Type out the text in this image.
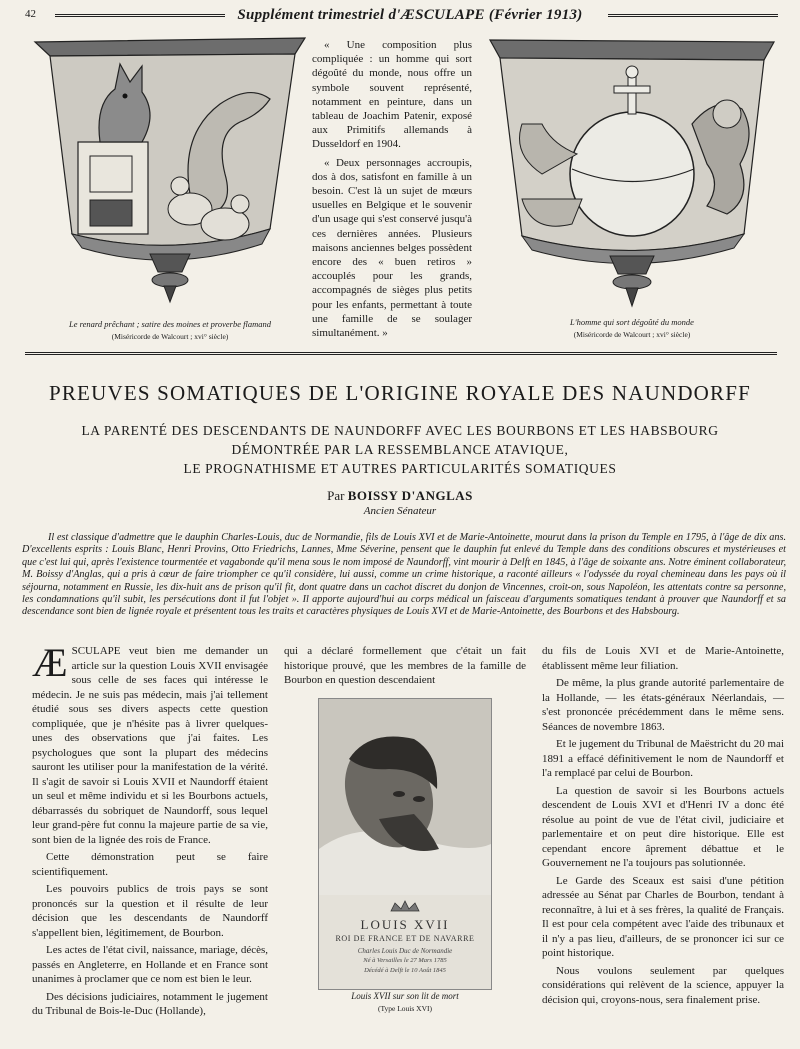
42	Supplément trimestriel d'ÆSCULAPE (Février 1913)
Le renard prêchant ; satire des moines et proverbe flamand
(Miséricorde de Walcourt ; xvi° siècle)

« Une composition plus compliquée : un homme qui sort dégoûté du monde, nous offre un symbole souvent représenté, notamment en peinture, dans un tableau de Joachim Patenir, exposé aux Primitifs allemands à Dusseldorf en 1904.

« Deux personnages accroupis, dos à dos, satisfont en famille à un besoin. C'est là un sujet de mœurs usuelles en Belgique et le souvenir d'un usage qui s'est conservé jusqu'à ces dernières années. Plusieurs maisons anciennes belges possèdent encore des « buen retiros » accouplés pour les grands, accompagnés de sièges plus petits pour les enfants, permettant à toute une famille de se soulager simultanément. »

L'homme qui sort dégoûté du monde
(Miséricorde de Walcourt ; xvi° siècle)
PREUVES SOMATIQUES DE L'ORIGINE ROYALE DES NAUNDORFF
LA PARENTÉ DES DESCENDANTS DE NAUNDORFF AVEC LES BOURBONS ET LES HABSBOURG
DÉMONTRÉE PAR LA RESSEMBLANCE ATAVIQUE,
LE PROGNATHISME ET AUTRES PARTICULARITÉS SOMATIQUES
Par BOISSY D'ANGLAS
Ancien Sénateur
Il est classique d'admettre que le dauphin Charles-Louis, duc de Normandie, fils de Louis XVI et de Marie-Antoinette, mourut dans la prison du Temple en 1795, à l'âge de dix ans. D'excellents esprits : Louis Blanc, Henri Provins, Otto Friedrichs, Lannes, Mme Séverine, pensent que le dauphin fut enlevé du Temple dans des conditions obscures et mystérieuses et que c'est lui qui, après l'existence tourmentée et vagabonde qu'il mena sous le nom imposé de Naundorff, vint mourir à Delft en 1845, à l'âge de soixante ans. Notre éminent collaborateur, M. Boissy d'Anglas, qui a pris à cœur de faire triompher ce qu'il considère, lui aussi, comme un crime historique, a raconté ailleurs « l'odyssée du royal chemineau dans les pays où il séjourna, notamment en Russie, les dix-huit ans de prison qu'il fit, dont quatre dans un cachot discret du donjon de Vincennes, croit-on, sous Napoléon, les attentats contre sa personne, les condamnations qu'il subit, les persécutions dont il fut l'objet ». Il apporte aujourd'hui au corps médical un faisceau d'arguments somatiques tendant à prouver que Naundorff et sa descendance sont bien de lignée royale et présentent tous les traits et caractères physiques de Louis XVI et de Marie-Antoinette, des Bourbons et des Habsbourg.

ÆSCULAPE veut bien me demander un article sur la question Louis XVII envisagée sous celle de ses faces qui intéresse le médecin. Je ne suis pas médecin, mais j'ai tellement étudié sous ses divers aspects cette question compliquée, que je n'hésite pas à livrer quelques-unes des observations que j'ai faites. Les psychologues que sont la plupart des médecins sauront les utiliser pour la manifestation de la vérité. Il s'agit de savoir si Louis XVII et Naundorff étaient un seul et même individu et si les Bourbons actuels, débarrassés du sobriquet de Naundorff, sous lequel leur grand-père fut connu la majeure partie de sa vie, sont bien de la lignée des rois de France.

Cette démonstration peut se faire scientifiquement.

Les pouvoirs publics de trois pays se sont prononcés sur la question et il résulte de leur décision que les descendants de Naundorff s'appellent bien, légitimement, de Bourbon.

Les actes de l'état civil, naissance, mariage, décès, passés en Angleterre, en Hollande et en France sont unanimes à proclamer que ce nom est bien le leur.

Des décisions judiciaires, notamment le jugement du Tribunal de Bois-le-Duc (Hollande),

qui a déclaré formellement que c'était un fait historique prouvé, que les membres de la famille de Bourbon en question descendaient

LOUIS XVII
ROI DE FRANCE ET DE NAVARRE
Charles Louis Duc de Normandie
Né à Versailles le 27 Mars 1785
Décédé à Delft le 10 Août 1845
Louis XVII sur son lit de mort
(Type Louis XVI)

du fils de Louis XVI et de Marie-Antoinette, établissent même leur filiation.

De même, la plus grande autorité parlementaire de la Hollande, — les états-généraux Néerlandais, — s'est prononcée précédemment dans le même sens. Séances de novembre 1863.

Et le jugement du Tribunal de Maëstricht du 20 mai 1891 a effacé définitivement le nom de Naundorff et l'a remplacé par celui de Bourbon.

La question de savoir si les Bourbons actuels descendent de Louis XVI et d'Henri IV a donc été résolue au point de vue de l'état civil, judiciaire et parlementaire et on peut dire historique. Elle est cependant encore âprement débattue et le Gouvernement ne l'a toujours pas solutionnée.

Le Garde des Sceaux est saisi d'une pétition adressée au Sénat par Charles de Bourbon, tendant à reconnaître, à lui et à ses frères, la qualité de Français. Il est pour cela compétent avec l'aide des tribunaux et il n'y a pas lieu, d'ailleurs, de se prononcer ici sur ce point historique.

Nous voulons seulement par quelques considérations qui relèvent de la science, appuyer la décision qui, croyons-nous, sera finalement prise.
